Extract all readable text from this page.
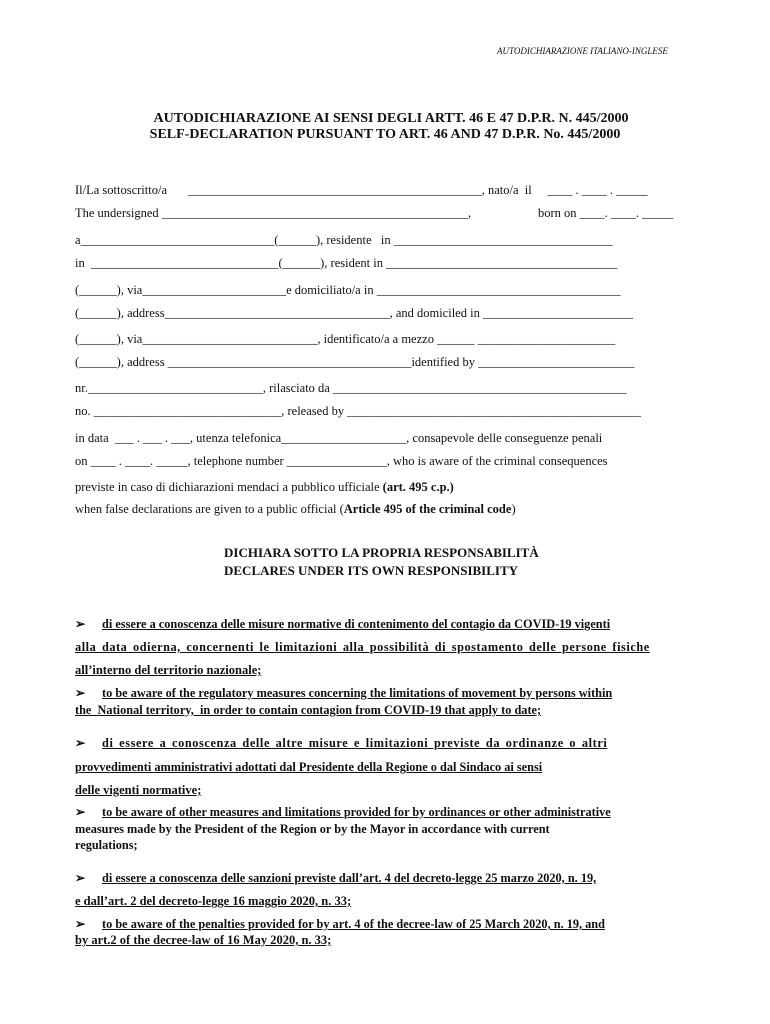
AUTODICHIARAZIONE ITALIANO-INGLESE
AUTODICHIARAZIONE AI SENSI DEGLI ARTT. 46 E 47 D.P.R. N. 445/2000
SELF-DECLARATION PURSUANT TO ART. 46 AND 47 D.P.R. No. 445/2000
Il/La sottoscritto/a _______________________________________________, nato/a  il     ____ . ____ . _____
The undersigned _________________________________________________,	born on ____. ____. _____
a_______________________________(______), residente   in ___________________________________
in  ______________________________(______), resident in _____________________________________
(______), via_______________________e domiciliato/a in _______________________________________
(______), address____________________________________, and domiciled in ________________________
(______), via____________________________, identificato/a a mezzo ______ ______________________
(______), address _______________________________________identified by _________________________
nr.____________________________, rilasciato da _______________________________________________
no. ______________________________, released by _______________________________________________
in data  ___ . ___ . ___, utenza telefonica____________________, consapevole delle conseguenze penali
on ____ . ____. _____, telephone number ________________, who is aware of the criminal consequences
previste in caso di dichiarazioni mendaci a pubblico ufficiale (art. 495 c.p.)
when false declarations are given to a public official (Article 495 of the criminal code)
DICHIARA SOTTO LA PROPRIA RESPONSABILITÀ
DECLARES UNDER ITS OWN RESPONSIBILITY
➢ di essere a conoscenza delle misure normative di contenimento del contagio da COVID-19 vigenti
alla data odierna, concernenti le limitazioni alla possibilità di spostamento delle persone fisiche
all’interno del territorio nazionale;
➢ to be aware of the regulatory measures concerning the limitations of movement by persons within
the  National territory,  in order to contain contagion from COVID-19 that apply to date;
➢ di essere a conoscenza delle altre misure e limitazioni previste da ordinanze o altri
provvedimenti amministrativi adottati dal Presidente della Regione o dal Sindaco ai sensi
delle vigenti normative;
➢ to be aware of other measures and limitations provided for by ordinances or other administrative
measures made by the President of the Region or by the Mayor in accordance with current
regulations;
➢ di essere a conoscenza delle sanzioni previste dall’art. 4 del decreto-legge 25 marzo 2020, n. 19,
e dall’art. 2 del decreto-legge 16 maggio 2020, n. 33;
➢ to be aware of the penalties provided for by art. 4 of the decree-law of 25 March 2020, n. 19, and
by art.2 of the decree-law of 16 May 2020, n. 33;
